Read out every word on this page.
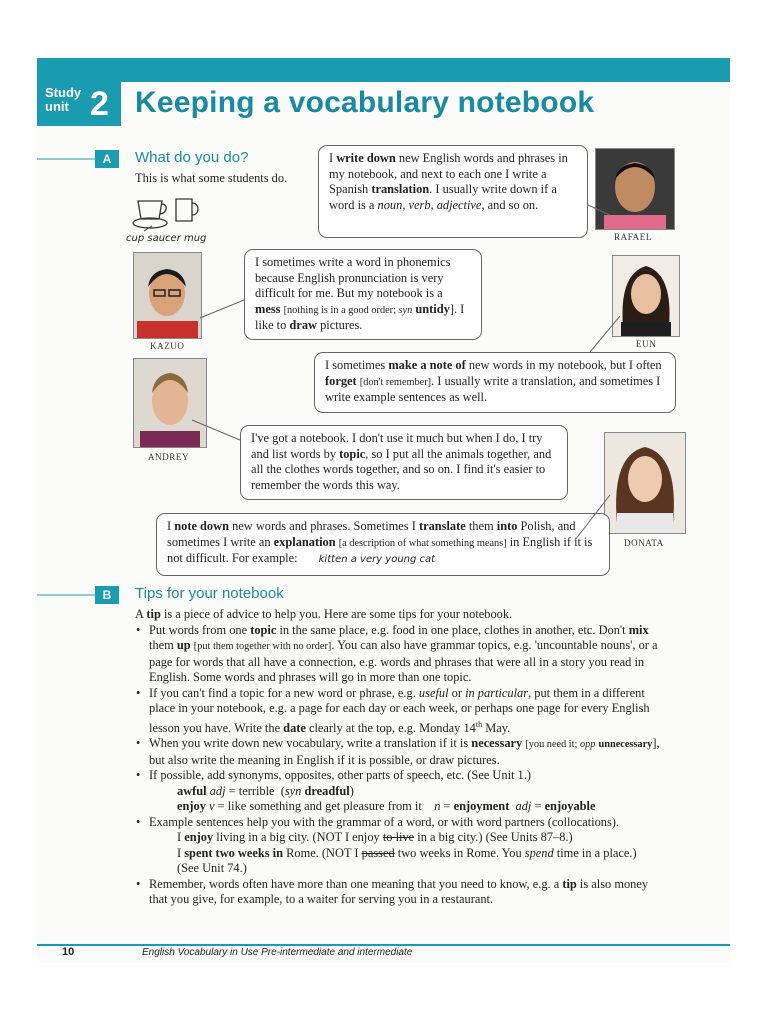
Study
unit 2 Keeping a vocabulary notebook
A	What do you do?
This is what some students do.
cup saucer mug
I write down new English words and phrases in my notebook, and next to each one I write a Spanish translation. I usually write down if a word is a noun, verb, adjective, and so on.
RAFAEL
KAZUO
I sometimes write a word in phonemics because English pronunciation is very difficult for me. But my notebook is a mess [nothing is in a good order; syn untidy]. I like to draw pictures.
EUN
I sometimes make a note of new words in my notebook, but I often forget [don't remember]. I usually write a translation, and sometimes I write example sentences as well.
ANDREY
I've got a notebook. I don't use it much but when I do, I try and list words by topic, so I put all the animals together, and all the clothes words together, and so on. I find it's easier to remember the words this way.
DONATA
I note down new words and phrases. Sometimes I translate them into Polish, and sometimes I write an explanation [a description of what something means] in English if it is not difficult. For example: kitten a very young cat
B	Tips for your notebook
A tip is a piece of advice to help you. Here are some tips for your notebook.
• Put words from one topic in the same place, e.g. food in one place, clothes in another, etc. Don't mix them up [put them together with no order]. You can also have grammar topics, e.g. 'uncountable nouns', or a page for words that all have a connection, e.g. words and phrases that were all in a story you read in English. Some words and phrases will go in more than one topic.
• If you can't find a topic for a new word or phrase, e.g. useful or in particular, put them in a different place in your notebook, e.g. a page for each day or each week, or perhaps one page for every English lesson you have. Write the date clearly at the top, e.g. Monday 14th May.
• When you write down new vocabulary, write a translation if it is necessary [you need it; opp unnecessary], but also write the meaning in English if it is possible, or draw pictures.
• If possible, add synonyms, opposites, other parts of speech, etc. (See Unit 1.)
awful adj = terrible  (syn dreadful)
enjoy v = like something and get pleasure from it    n = enjoyment adj = enjoyable
• Example sentences help you with the grammar of a word, or with word partners (collocations).
I enjoy living in a big city. (NOT I enjoy to live in a big city.) (See Units 87–8.)
I spent two weeks in Rome. (NOT I passed two weeks in Rome. You spend time in a place.) (See Unit 74.)
• Remember, words often have more than one meaning that you need to know, e.g. a tip is also money that you give, for example, to a waiter for serving you in a restaurant.
10	English Vocabulary in Use Pre-intermediate and intermediate
